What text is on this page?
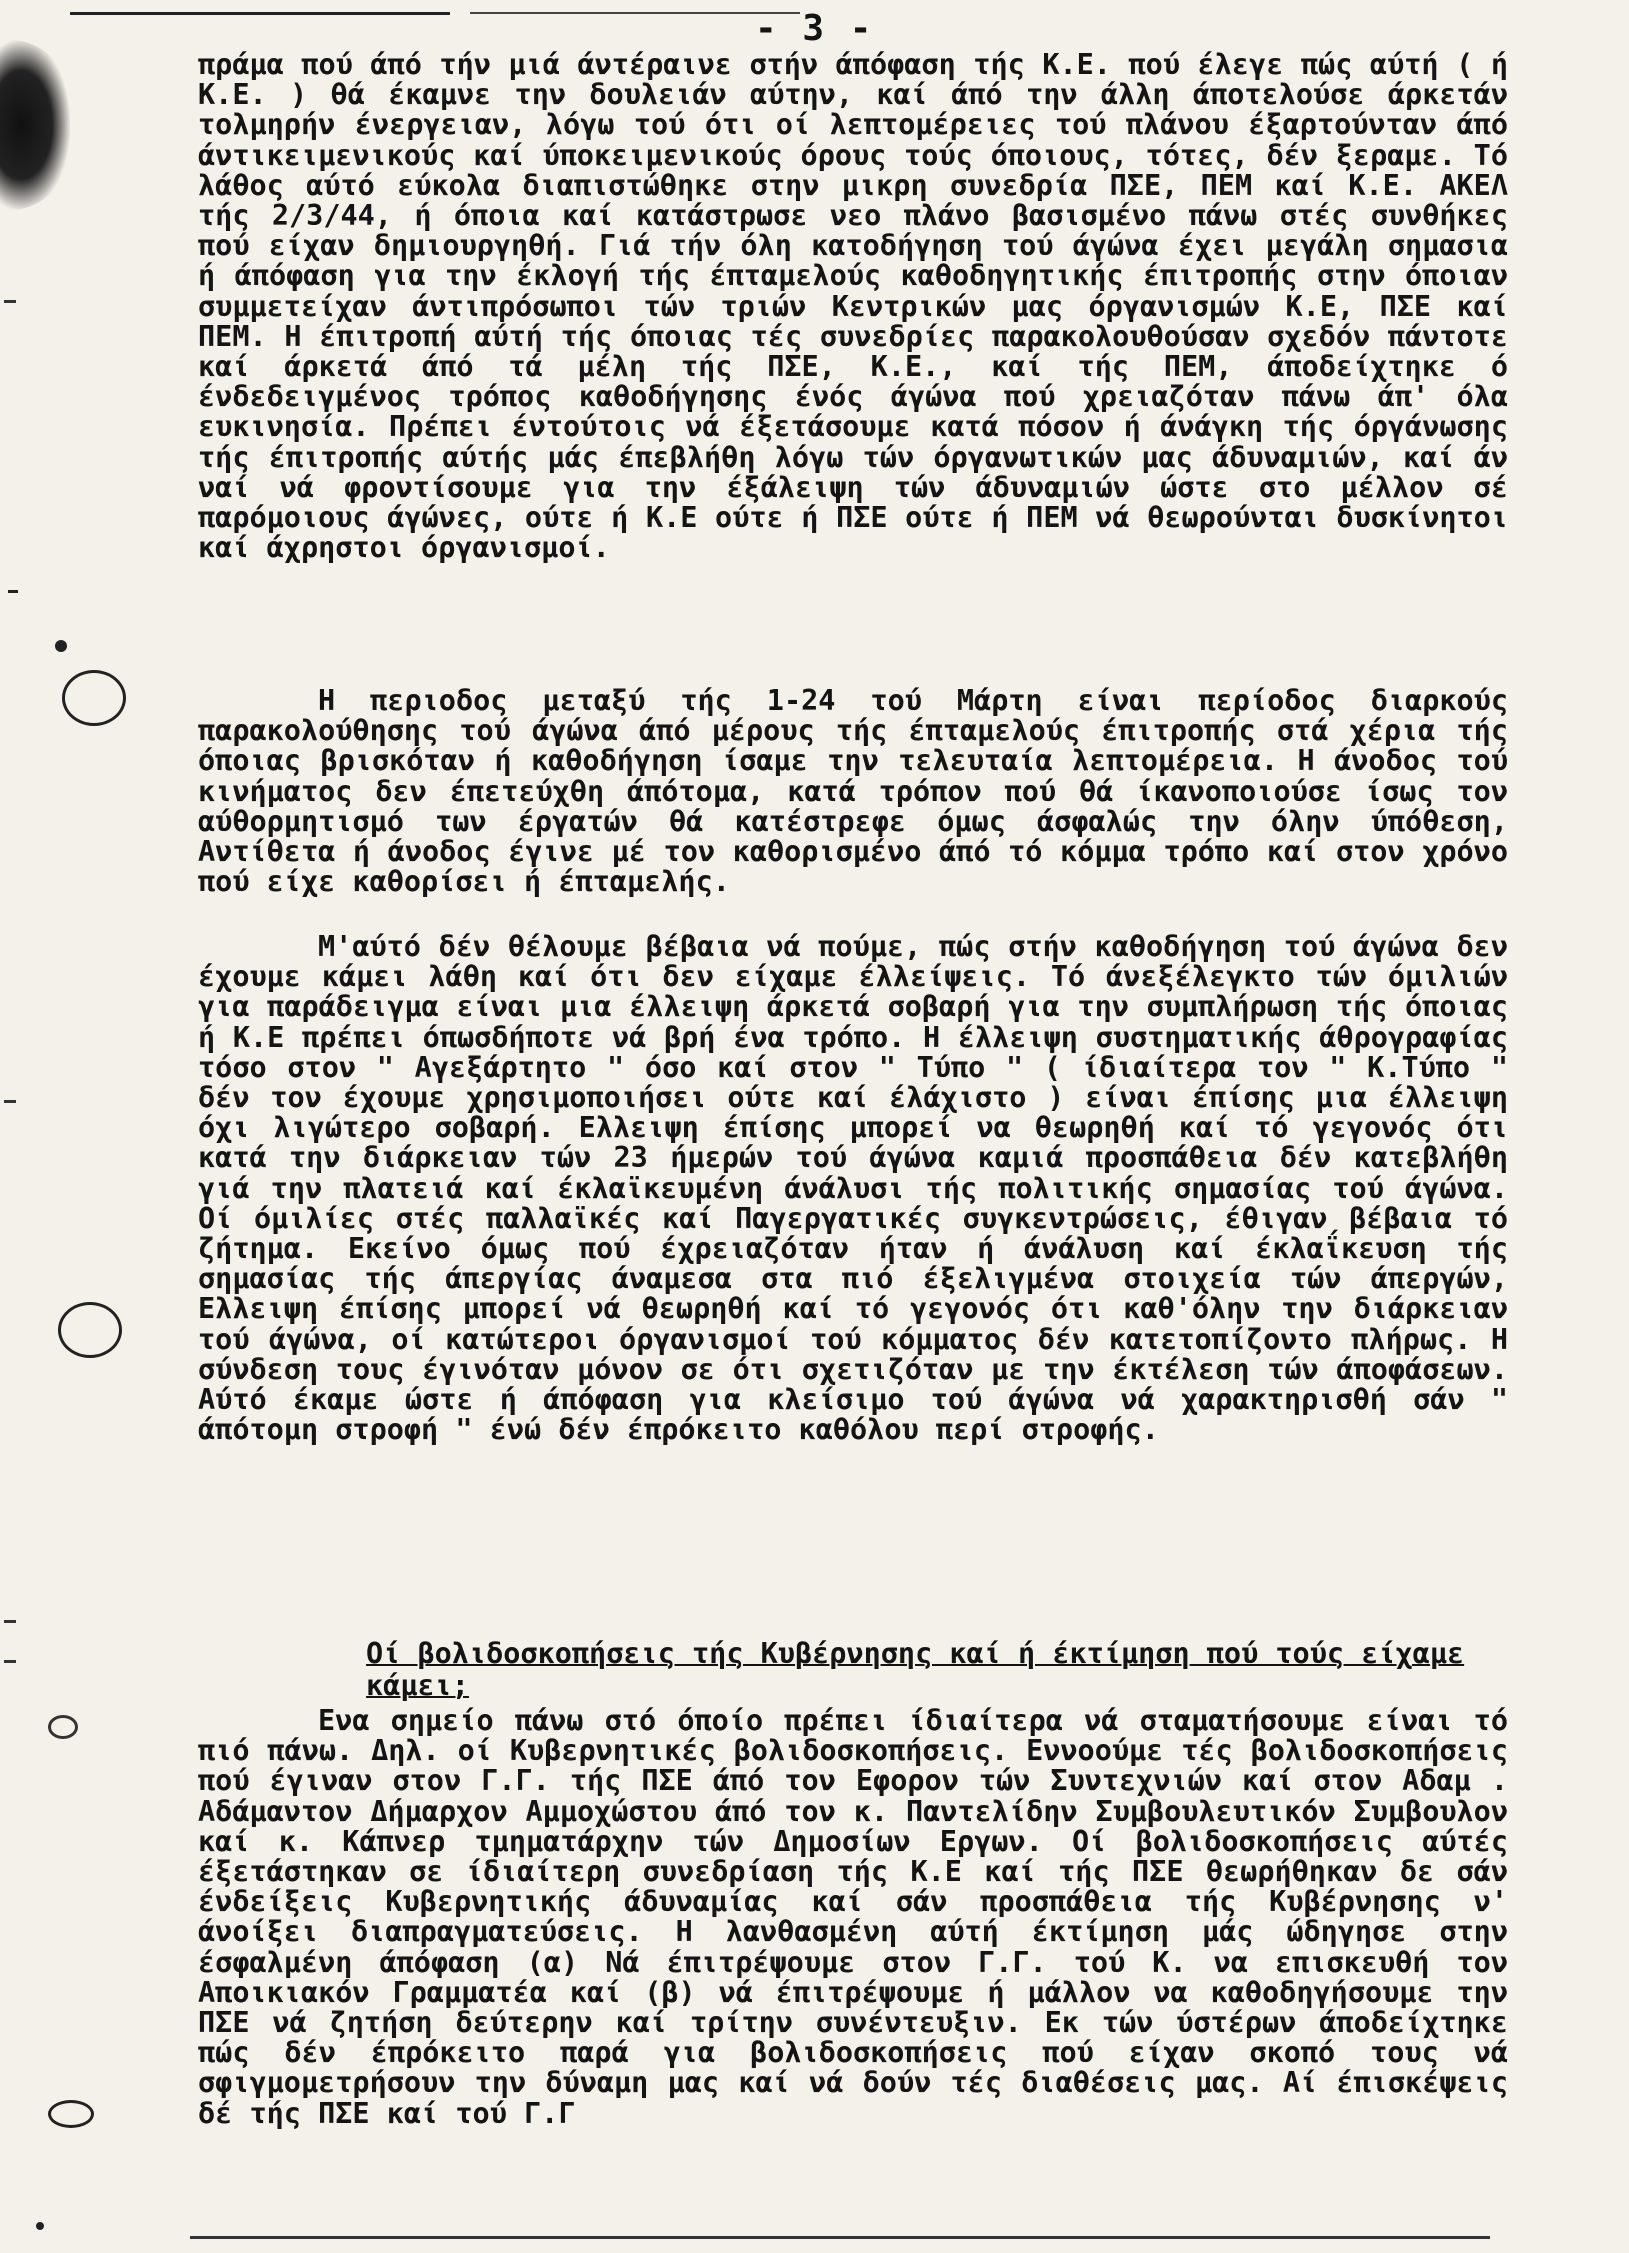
- 3 -

πράμα πού άπό τήν μιά άντέραινε στήν άπόφαση τής Κ.Ε. πού έλεγε πώς αύτή ( ή Κ.Ε. ) θά έκαμνε την δουλειάν αύτην, καί άπό την άλλη άποτελούσε άρκετάν τολμηρήν ένεργειαν, λόγω τού ότι οί λεπτομέρειες τού πλάνου έξαρτούνταν άπό άντικειμενικούς καί ύποκειμενικούς όρους τούς όποιους, τότες, δέν ξεραμε. Τό λάθος αύτό εύκολα διαπιστώθηκε στην μικρη συνεδρία ΠΣΕ, ΠΕΜ καί Κ.Ε. ΑΚΕΛ τής 2/3/44, ή όποια καί κατάστρωσε νεο πλάνο βασισμένο πάνω στές συνθήκες πού είχαν δημιουργηθή. Γιά τήν όλη κατοδήγηση τού άγώνα έχει μεγάλη σημασια ή άπόφαση για την έκλογή τής έπταμελούς καθοδηγητικής έπιτροπής στην όποιαν συμμετείχαν άντιπρόσωποι τών τριών Κεντρικών μας όργανισμών Κ.Ε, ΠΣΕ καί ΠΕΜ. Η έπιτροπή αύτή τής όποιας τές συνεδρίες παρακολουθούσαν σχεδόν πάντοτε καί άρκετά άπό τά μέλη τής ΠΣΕ, Κ.Ε., καί τής ΠΕΜ, άποδείχτηκε ό ένδεδειγμένος τρόπος καθοδήγησης ένός άγώνα πού χρειαζόταν πάνω άπ' όλα ευκινησία. Πρέπει έντούτοις νά έξετάσουμε κατά πόσον ή άνάγκη τής όργάνωσης τής έπιτροπής αύτής μάς έπεβλήθη λόγω τών όργανωτικών μας άδυναμιών, καί άν ναί νά φροντίσουμε για την έξάλειψη τών άδυναμιών ώστε στο μέλλον σέ παρόμοιους άγώνες, ούτε ή Κ.Ε ούτε ή ΠΣΕ ούτε ή ΠΕΜ νά θεωρούνται δυσκίνητοι καί άχρηστοι όργανισμοί.

Η περιοδος μεταξύ τής 1-24 τού Μάρτη είναι περίοδος διαρκούς παρακολούθησης τού άγώνα άπό μέρους τής έπταμελούς έπιτροπής στά χέρια τής όποιας βρισκόταν ή καθοδήγηση ίσαμε την τελευταία λεπτομέρεια. Η άνοδος τού κινήματος δεν έπετεύχθη άπότομα, κατά τρόπον πού θά ίκανοποιούσε ίσως τον αύθορμητισμό των έργατών θά κατέστρεφε όμως άσφαλώς την όλην ύπόθεση, Αντίθετα ή άνοδος έγινε μέ τον καθορισμένο άπό τό κόμμα τρόπο καί στον χρόνο πού είχε καθορίσει ή έπταμελής.

Μ'αύτό δέν θέλουμε βέβαια νά πούμε, πώς στήν καθοδήγηση τού άγώνα δεν έχουμε κάμει λάθη καί ότι δεν είχαμε έλλείψεις. Τό άνεξέλεγκτο τών όμιλιών για παράδειγμα είναι μια έλλειψη άρκετά σοβαρή για την συμπλήρωση τής όποιας ή Κ.Ε πρέπει όπωσδήποτε νά βρή ένα τρόπο. Η έλλειψη συστηματικής άθρογραφίας τόσο στον " Αγεξάρτητο " όσο καί στον " Τύπο " ( ίδιαίτερα τον " Κ.Τύπο " δέν τον έχουμε χρησιμοποιήσει ούτε καί έλάχιστο ) είναι έπίσης μια έλλειψη όχι λιγώτερο σοβαρή. Ελλειψη έπίσης μπορεί να θεωρηθή καί τό γεγονός ότι κατά την διάρκειαν τών 23 ήμερών τού άγώνα καμιά προσπάθεια δέν κατεβλήθη γιά την πλατειά καί έκλαϊκευμένη άνάλυσι τής πολιτικής σημασίας τού άγώνα. Οί όμιλίες στές παλλαϊκές καί Παγεργατικές συγκεντρώσεις, έθιγαν βέβαια τό ζήτημα. Εκείνο όμως πού έχρειαζόταν ήταν ή άνάλυση καί έκλαΐκευση τής σημασίας τής άπεργίας άναμεσα στα πιό έξελιγμένα στοιχεία τών άπεργών, Ελλειψη έπίσης μπορεί νά θεωρηθή καί τό γεγονός ότι καθ'όλην την διάρκειαν τού άγώνα, οί κατώτεροι όργανισμοί τού κόμματος δέν κατετοπίζοντο πλήρως. Η σύνδεση τους έγινόταν μόνον σε ότι σχετιζόταν με την έκτέλεση τών άποφάσεων. Αύτό έκαμε ώστε ή άπόφαση για κλείσιμο τού άγώνα νά χαρακτηρισθή σάν " άπότομη στροφή " ένώ δέν έπρόκειτο καθόλου περί στροφής.

Οί βολιδοσκοπήσεις τής Κυβέρνησης καί ή έκτίμηση πού τούς είχαμε κάμει;

Ενα σημείο πάνω στό όποίο πρέπει ίδιαίτερα νά σταματήσουμε είναι τό πιό πάνω. Δηλ. οί Κυβερνητικές βολιδοσκοπήσεις. Εννοούμε τές βολιδοσκοπήσεις πού έγιναν στον Γ.Γ. τής ΠΣΕ άπό τον Εφορον τών Συντεχνιών καί στον Αδαμ . Αδάμαντον Δήμαρχον Αμμοχώστου άπό τον κ. Παντελίδην Συμβουλευτικόν Συμβουλον καί κ. Κάπνερ τμηματάρχην τών Δημοσίων Εργων. Οί βολιδοσκοπήσεις αύτές έξετάστηκαν σε ίδιαίτερη συνεδρίαση τής Κ.Ε καί τής ΠΣΕ θεωρήθηκαν δε σάν ένδείξεις Κυβερνητικής άδυναμίας καί σάν προσπάθεια τής Κυβέρνησης ν' άνοίξει διαπραγματεύσεις. Η λανθασμένη αύτή έκτίμηση μάς ώδηγησε στην έσφαλμένη άπόφαση (α) Νά έπιτρέψουμε στον Γ.Γ. τού Κ. να επισκευθή τον Αποικιακόν Γραμματέα καί (β) νά έπιτρέψουμε ή μάλλον να καθοδηγήσουμε την ΠΣΕ νά ζητήση δεύτερην καί τρίτην συνέντευξιν. Εκ τών ύστέρων άποδείχτηκε πώς δέν έπρόκειτο παρά για βολιδοσκοπήσεις πού είχαν σκοπό τους νά σφιγμομετρήσουν την δύναμη μας καί νά δούν τές διαθέσεις μας. Αί έπισκέψεις δέ τής ΠΣΕ καί τού Γ.Γ
